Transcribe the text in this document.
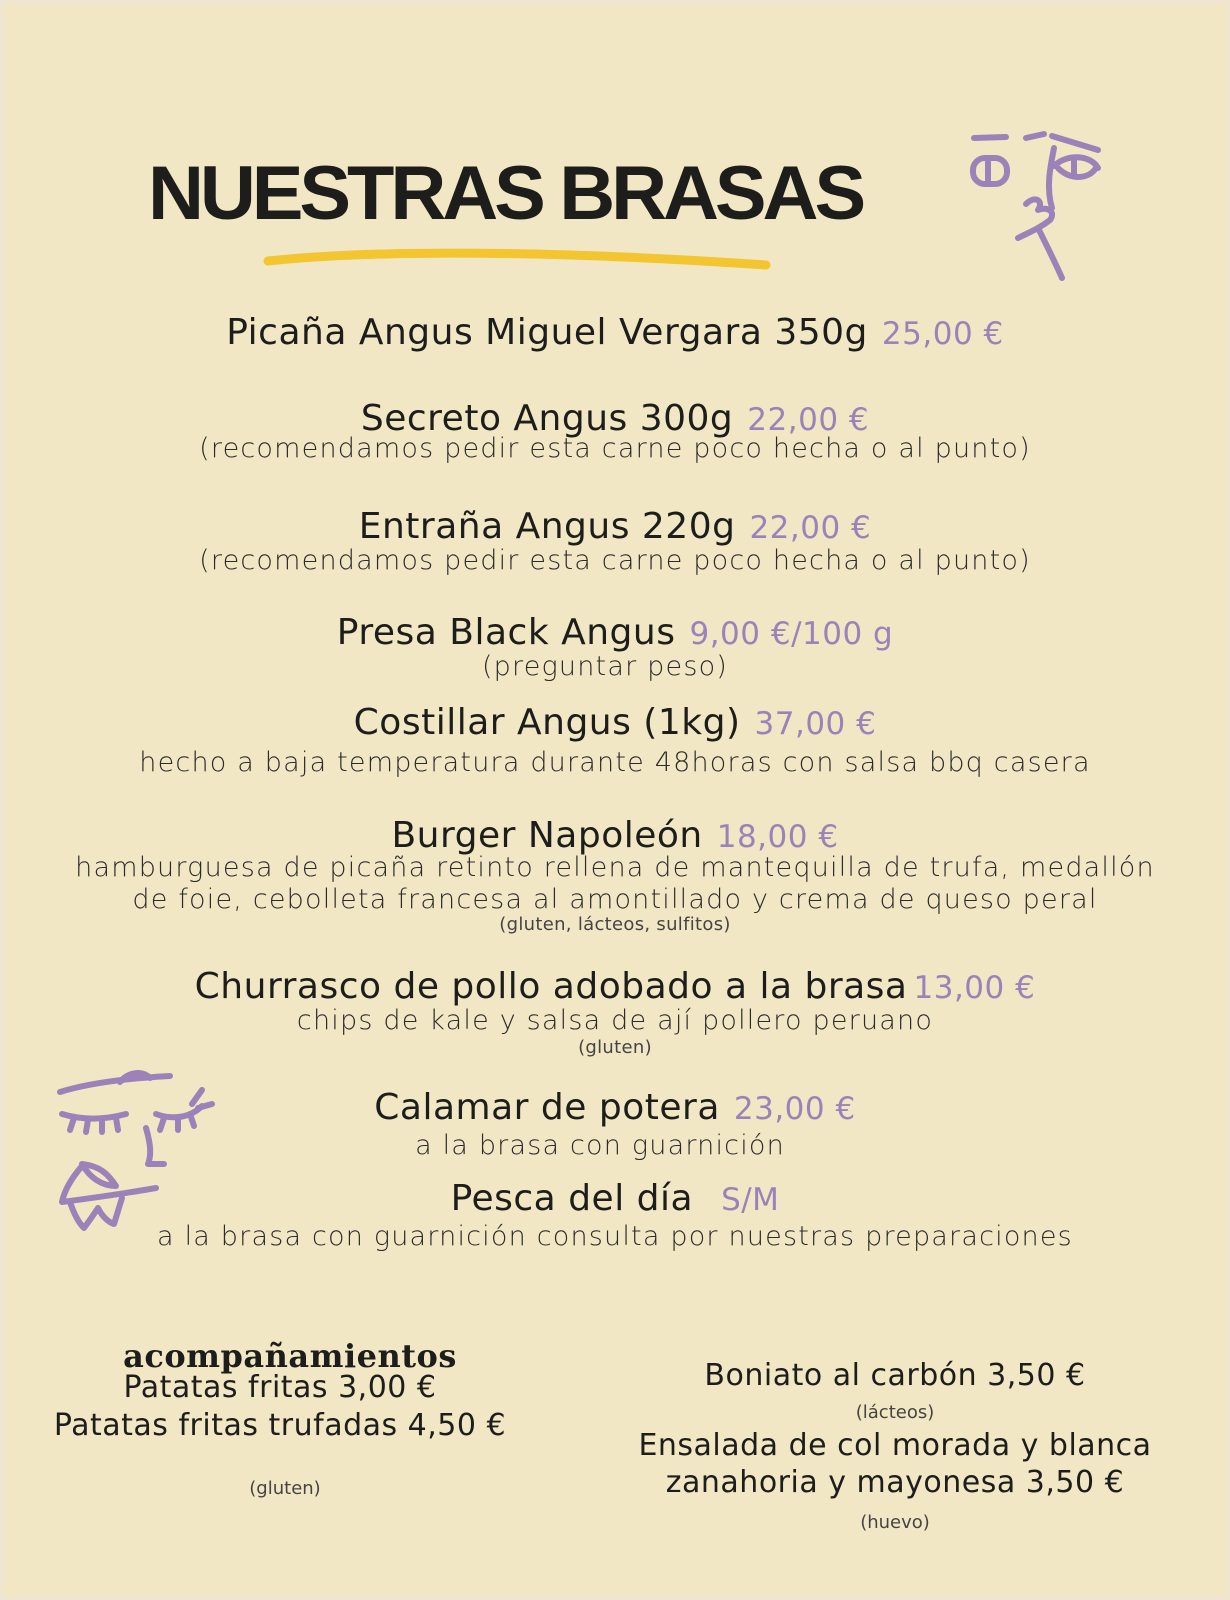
NUESTRAS BRASAS
Picaña Angus Miguel Vergara 350g 25,00 €
Secreto Angus 300g 22,00 €
(recomendamos pedir esta carne poco hecha o al punto)
Entraña Angus 220g 22,00 €
(recomendamos pedir esta carne poco hecha o al punto)
Presa Black Angus 9,00 €/100 g
(preguntar peso)
Costillar Angus (1kg) 37,00 €
hecho a baja temperatura durante 48horas con salsa bbq casera
Burger Napoleón 18,00 €
hamburguesa de picaña retinto rellena de mantequilla de trufa, medallón
de foie, cebolleta francesa al amontillado y crema de queso peral
(gluten, lácteos, sulfitos)
Churrasco de pollo adobado a la brasa 13,00 €
chips de kale y salsa de ají pollero peruano
(gluten)
Calamar de potera 23,00 €
a la brasa con guarnición
Pesca del día S/M
a la brasa con guarnición consulta por nuestras preparaciones
acompañamientos
Patatas fritas 3,00 €
Patatas fritas trufadas 4,50 €
(gluten)
Boniato al carbón 3,50 €
(lácteos)
Ensalada de col morada y blanca
zanahoria y mayonesa 3,50 €
(huevo)
